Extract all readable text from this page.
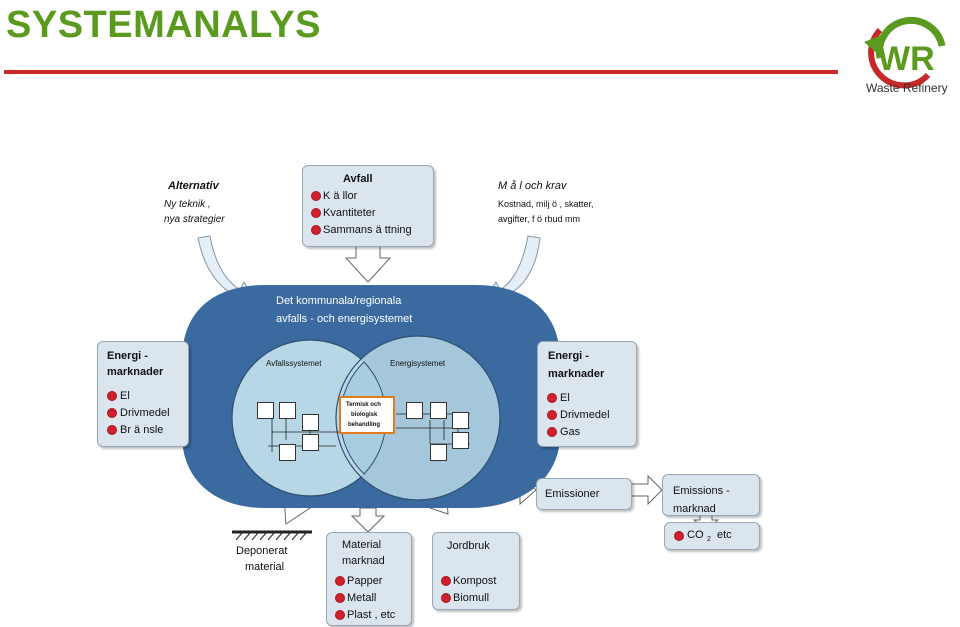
SYSTEMANALYS
WR
Waste Refinery
Alternativ
Ny teknik ,
nya strategier
Avfall
K ä llor
Kvantiteter
Sammans ä ttning
M å l och krav
Kostnad, milj ö , skatter,
avgifter, f ö rbud mm
Det kommunala/regionala
avfalls - och energisystemet
Avfallssystemet	Energisystemet
Termisk och
biologisk
behandling
Energi -
marknader
El
Drivmedel
Br ä nsle
Energi -
marknader
El
Drivmedel
Gas
Emissioner	Emissions -
marknad
CO 2 etc
Deponerat
material
Material
marknad
Papper
Metall
Plast , etc
Jordbruk
Kompost
Biomull
